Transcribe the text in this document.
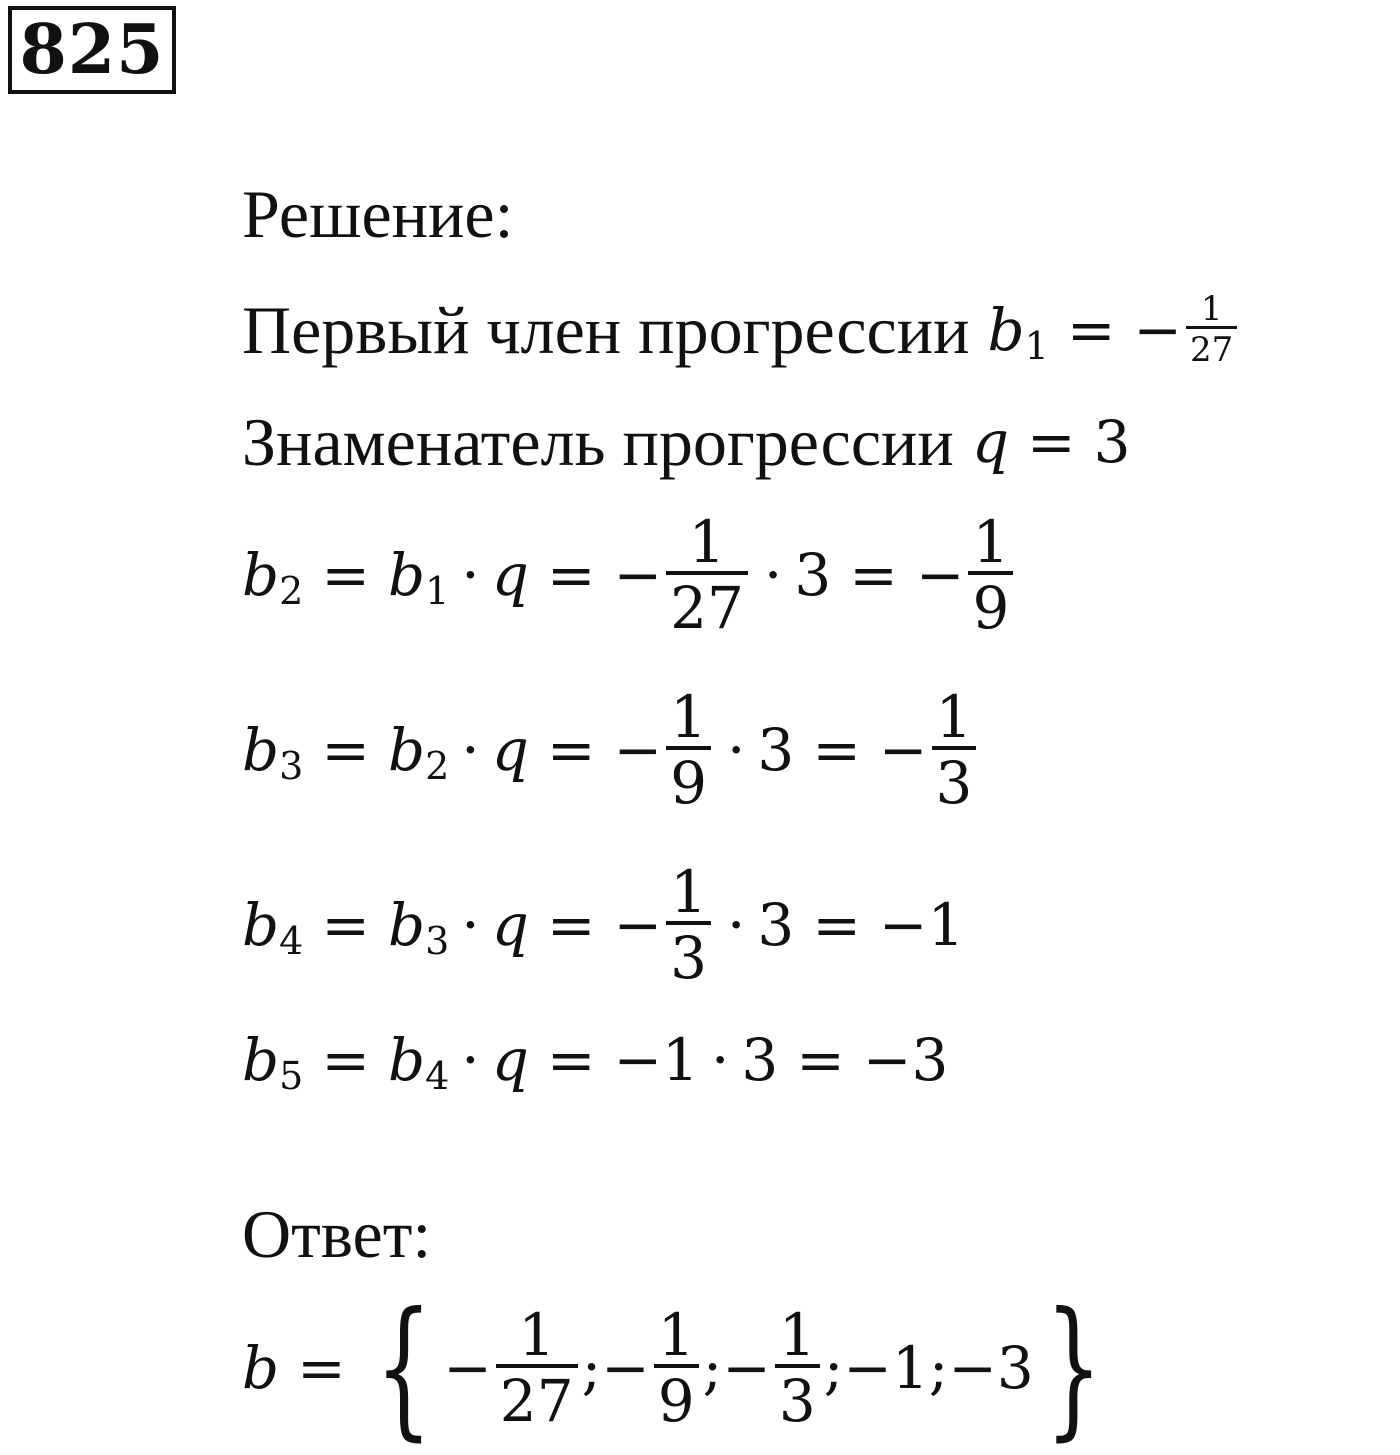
825
Решение:
Первый член прогрессии b 1 = − $\frac{1}{27}$
Знаменатель прогрессии q = 3
b 2 = b 1 · q = − $\frac{1}{27} \cdot 3$ = − $\frac{1}{9}$
b 3 = b 2 · q = − $\frac{1}{9} \cdot 3$ = − $\frac{1}{3}$
b 4 = b 3 · q = − $\frac{1}{3} \cdot 3 = -1$
b 5 = b 4 · q = −1 · 3 = −3
Ответ:
b = { − $\frac{1}{27}$ ; − $\frac{1}{9}$ ; − $\frac{1}{3}$ ; −1 ; −3 }
